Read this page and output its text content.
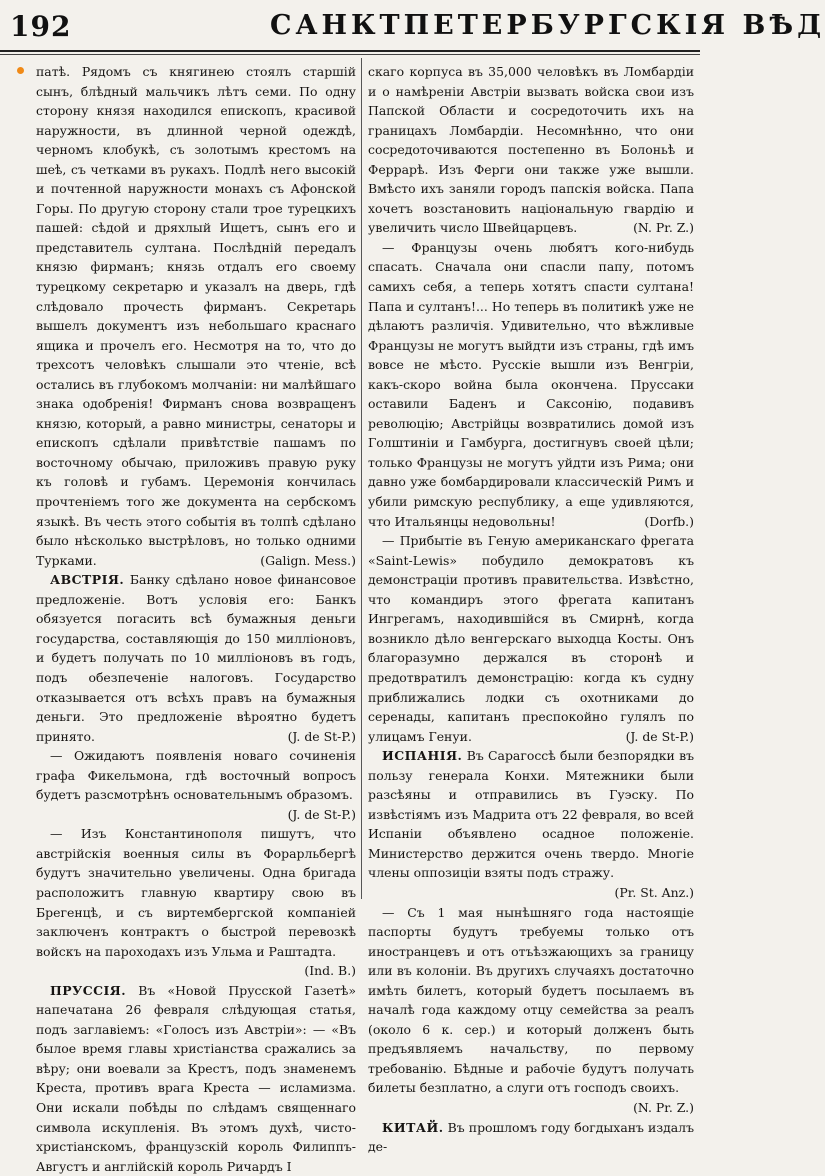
192	САНКТПЕТЕРБУРГСКІЯ ВѢД

патѣ. Рядомъ съ княгинею стоялъ старшій сынъ, блѣдный мальчикъ лѣтъ семи. По одну сторону князя находился епископъ, красивой наружности, въ длинной черной одеждѣ, черномъ клобукѣ, съ золотымъ крестомъ на шеѣ, съ четками въ рукахъ. Подлѣ него высокій и почтенной наружности монахъ съ Афонской Горы. По другую сторону стали трое турецкихъ пашей: сѣдой и дряхлый Ищетъ, сынъ его и представитель султана. Послѣдній передалъ князю фирманъ; князь отдалъ его своему турецкому секретарю и указалъ на дверь, гдѣ слѣдовало прочесть фирманъ. Секретарь вышелъ документъ изъ небольшаго краснаго ящика и прочелъ его. Несмотря на то, что до трехсотъ человѣкъ слышали это чтеніе, всѣ остались въ глубокомъ молчаніи: ни малѣйшаго знака одобренія! Фирманъ снова возвращенъ князю, который, а равно министры, сенаторы и епископъ сдѣлали привѣтствіе пашамъ по восточному обычаю, приложивъ правую руку къ головѣ и губамъ. Церемонія кончилась прочтеніемъ того же документа на сербскомъ языкѣ. Въ честь этого событія въ толпѣ сдѣлано было нѣсколько выстрѣловъ, но только одними Турками.	(Galign. Mess.)

АВСТРІЯ. Банку сдѣлано новое финансовое предложеніе. Вотъ условія его: Банкъ обязуется погасить всѣ бумажныя деньги государства, составляющія до 150 милліоновъ, и будетъ получать по 10 милліоновъ въ годъ, подъ обезпеченіе налоговъ. Государство отказывается отъ всѣхъ правъ на бумажныя деньги. Это предложеніе вѣроятно будетъ принято.	(J. de St-P.)

— Ожидаютъ появленія новаго сочиненія графа Фикельмона, гдѣ восточный вопросъ будетъ разсмотрѣнъ основательнымъ образомъ.
(J. de St-P.)

— Изъ Константинополя пишутъ, что австрійскія военныя силы въ Форарльбергѣ будутъ значительно увеличены. Одна бригада расположитъ главную квартиру свою въ Брегенцѣ, и съ виртембергской компаніей заключенъ контрактъ о быстрой перевозкѣ войскъ на пароходахъ изъ Ульма и Раштадта.
(Ind. B.)

ПРУССІЯ. Въ «Новой Прусской Газетѣ» напечатана 26 февраля слѣдующая статья, подъ заглавіемъ: «Голосъ изъ Австріи»: — «Въ былое время главы христіанства сражались за вѣру; они воевали за Крестъ, подъ знаменемъ Креста, противъ врага Креста — исламизма. Они искали побѣды по слѣдамъ священнаго символа искупленія. Въ этомъ духѣ, чисто-христіанскомъ, французскій король Филиппъ-Августъ и англійскій король Ричардъ I

скаго корпуса въ 35,000 человѣкъ въ Ломбардіи и о намѣреніи Австріи вызвать войска свои изъ Папской Области и сосредоточить ихъ на границахъ Ломбардіи. Несомнѣнно, что они сосредоточиваются постепенно въ Болоньѣ и Феррарѣ. Изъ Ферги они также уже вышли. Вмѣсто ихъ заняли городъ папскія войска. Папа хочетъ возстановить національную гвардію и увеличить число Швейцарцевъ.	(N. Pr. Z.)

— Французы очень любятъ кого-нибудь спасать. Сначала они спасли папу, потомъ самихъ себя, а теперь хотятъ спасти султана! Папа и султанъ!... Но теперь въ политикѣ уже не дѣлаютъ различія. Удивительно, что вѣжливые Французы не могутъ выйдти изъ страны, гдѣ имъ вовсе не мѣсто. Русскіе вышли изъ Венгріи, какъ-скоро война была окончена. Пруссаки оставили Баденъ и Саксонію, подавивъ революцію; Австрійцы возвратились домой изъ Голштиніи и Гамбурга, достигнувъ своей цѣли; только Французы не могутъ уйдти изъ Рима; они давно уже бомбардировали классическій Римъ и убили римскую республику, а еще удивляются, что Итальянцы недовольны!	(Dorfb.)

— Прибытіе въ Геную американскаго фрегата «Saint-Lewis» побудило демократовъ къ демонстраціи противъ правительства. Извѣстно, что командиръ этого фрегата капитанъ Ингрегамъ, находившійся въ Смирнѣ, когда возникло дѣло венгерскаго выходца Косты. Онъ благоразумно держался въ сторонѣ и предотвратилъ демонстрацію: когда къ судну приближались лодки съ охотниками до серенады, капитанъ преспокойно гулялъ по улицамъ Генуи.	(J. de St-P.)

ИСПАНІЯ. Въ Сарагоссѣ были безпорядки въ пользу генерала Конхи. Мятежники были разсѣяны и отправились въ Гуэску. По извѣстіямъ изъ Мадрита отъ 22 февраля, во всей Испаніи объявлено осадное положеніе. Министерство держится очень твердо. Многіе члены оппозиціи взяты подъ стражу.
(Pr. St. Anz.)

— Съ 1 мая нынѣшняго года настоящіе паспорты будутъ требуемы только отъ иностранцевъ и отъ отъѣзжающихъ за границу или въ колоніи. Въ другихъ случаяхъ достаточно имѣть билетъ, который будетъ посылаемъ въ началѣ года каждому отцу семейства за реалъ (около 6 к. сер.) и который долженъ быть предъявляемъ начальству, по первому требованію. Бѣдные и рабочіе будутъ получать билеты безплатно, а слуги отъ господъ своихъ.
(N. Pr. Z.)

КИТАЙ. Въ прошломъ году богдыханъ издалъ де-
